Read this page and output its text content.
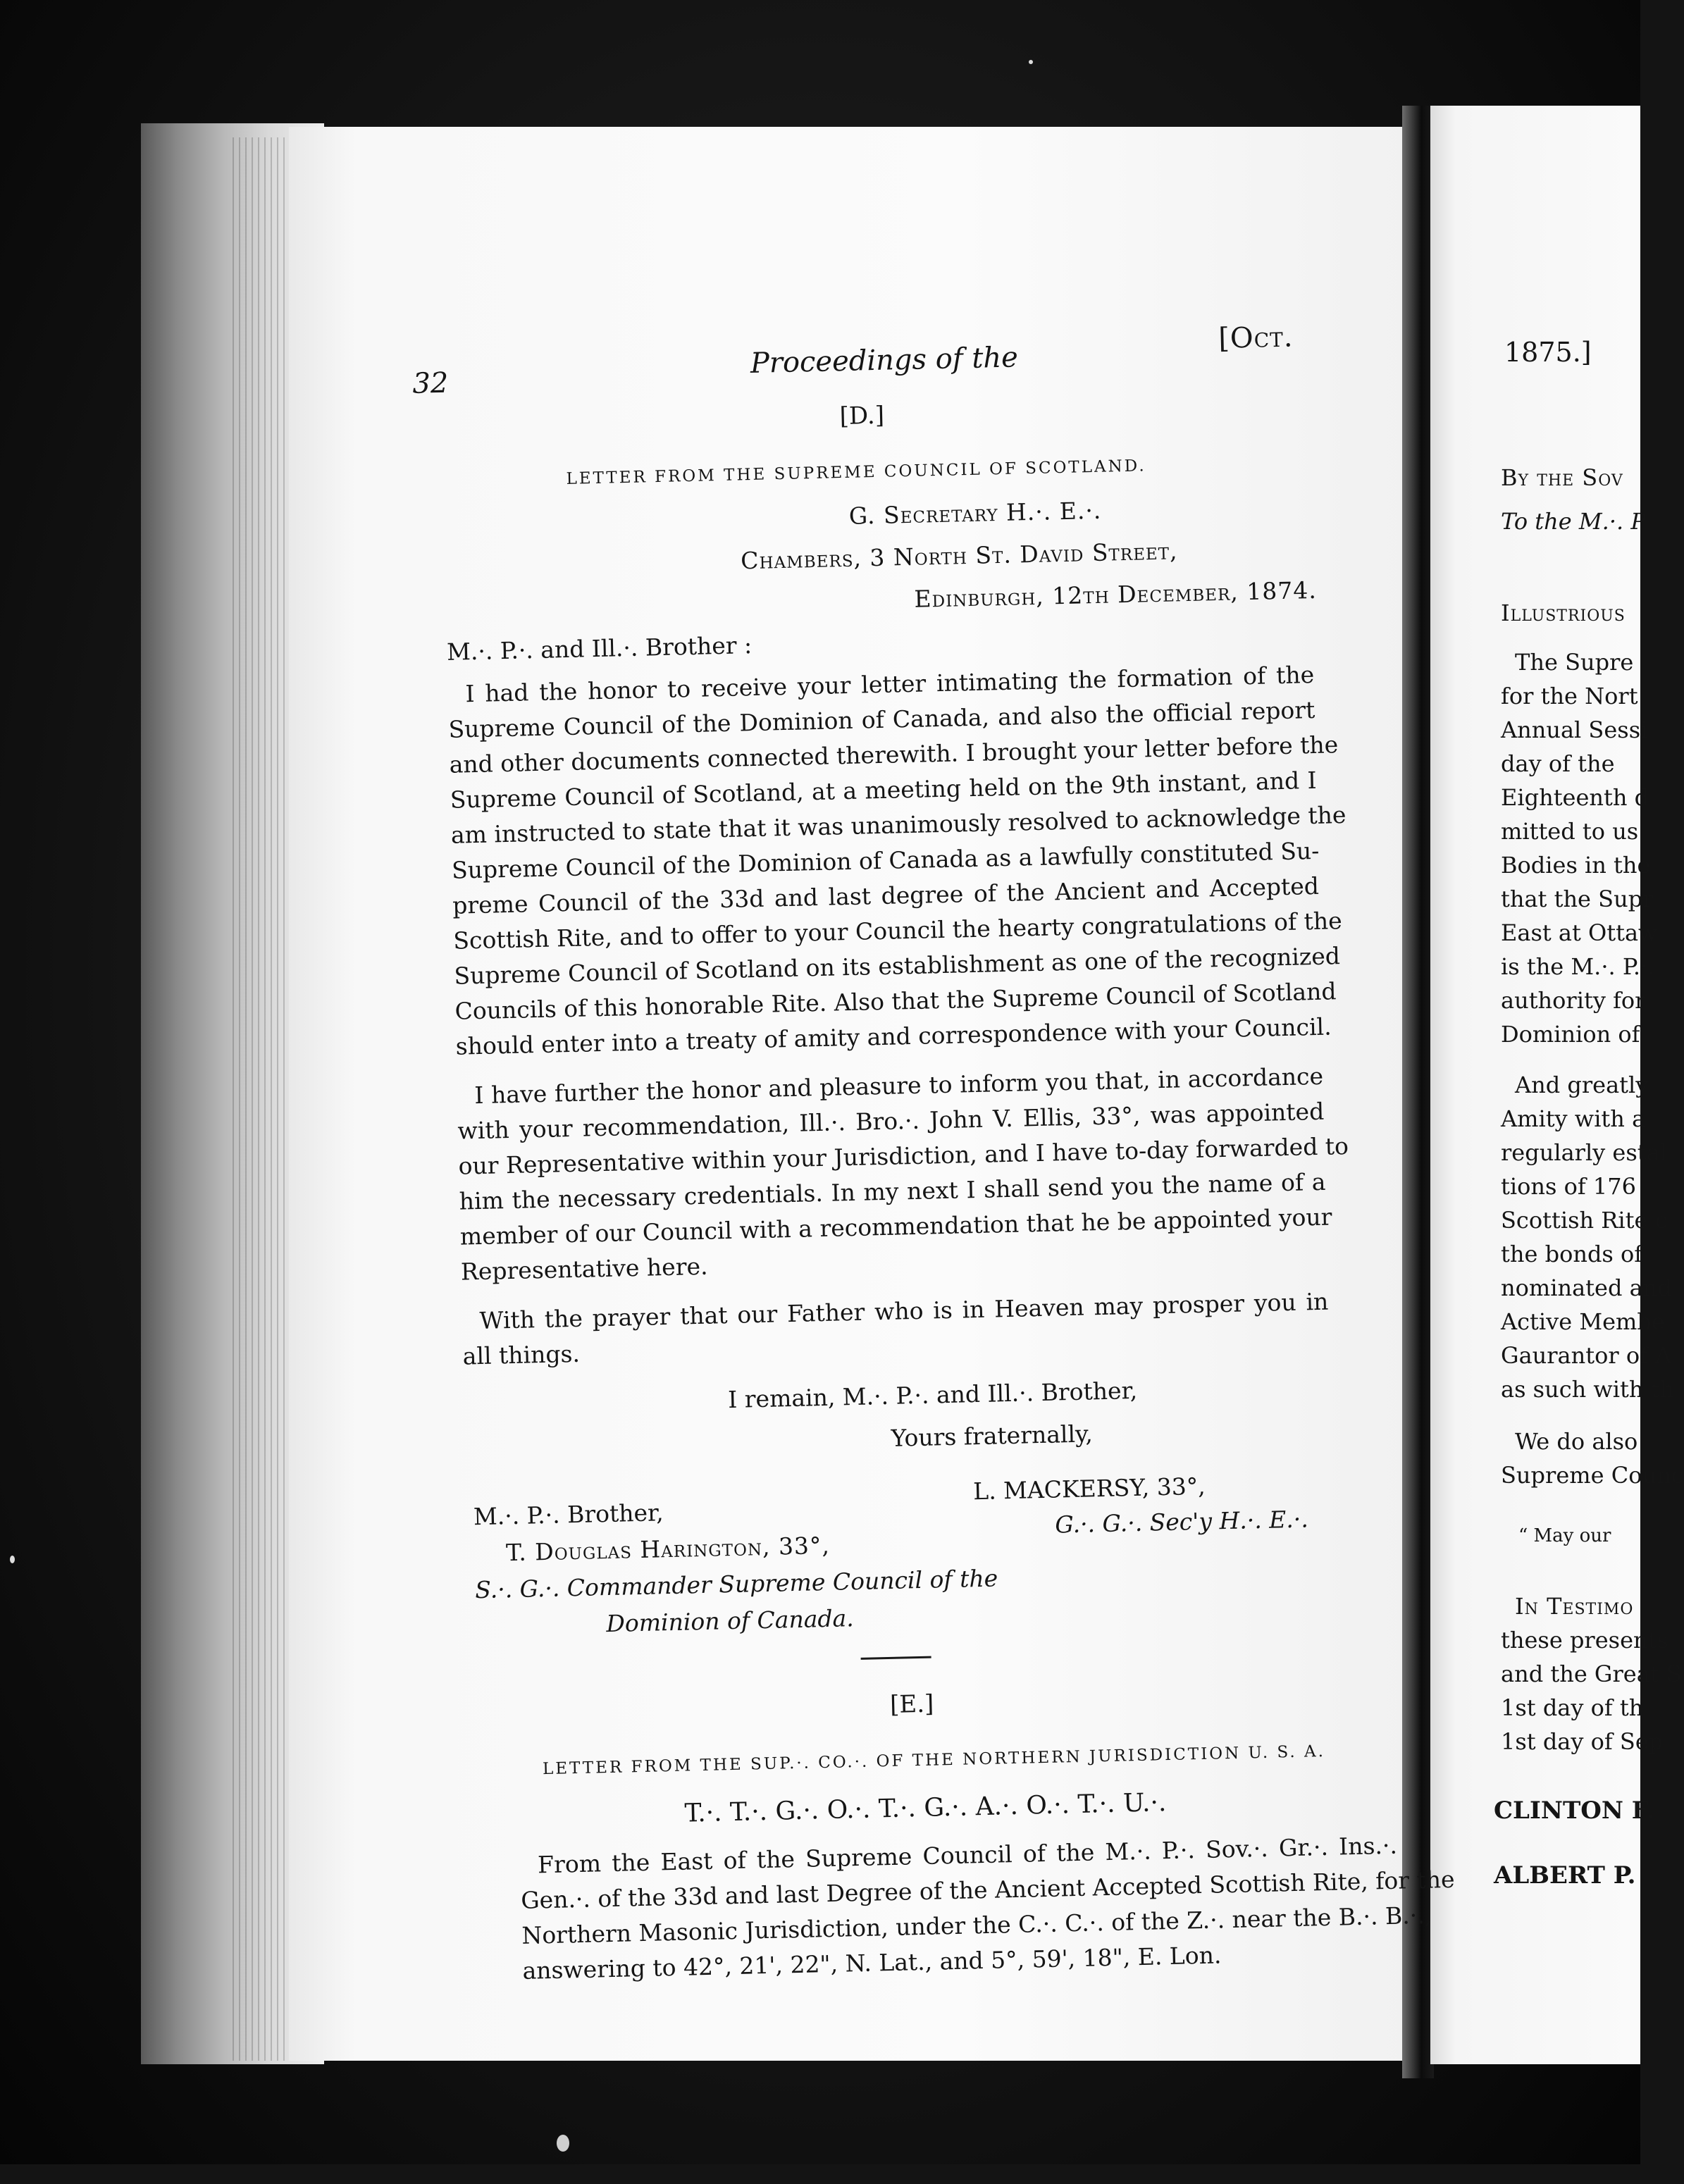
1875.]
By the Sov
To the M.·. P
Illustrious
The Supre
for the Nort
Annual Sessi
day of the
Eighteenth d
mitted to us
Bodies in the
that the Supr
East at Ottaw
is the M.·. P.·.
authority for
Dominion of
And greatly
Amity with a
regularly estal
tions of 176
Scottish Rite c
the bonds of
nominated and
Active Membe
Gaurantor of A
as such with th
We do also
Supreme Counc
“ May our
In Testimo
these presents
and the Great S
1st day of th
1st day of Sep
CLINTON F.
ALBERT P.
32
Proceedings of the
[Oct.
[D.]
LETTER FROM THE SUPREME COUNCIL OF SCOTLAND.
G. Secretary H.·. E.·.
Chambers, 3 North St. David Street,
Edinburgh, 12th December, 1874.
M.·. P.·. and Ill.·. Brother :
I had the honor to receive your letter intimating the formation of the
Supreme Council of the Dominion of Canada, and also the official report
and other documents connected therewith. I brought your letter before the
Supreme Council of Scotland, at a meeting held on the 9th instant, and I
am instructed to state that it was unanimously resolved to acknowledge the
Supreme Council of the Dominion of Canada as a lawfully constituted Su-
preme Council of the 33d and last degree of the Ancient and Accepted
Scottish Rite, and to offer to your Council the hearty congratulations of the
Supreme Council of Scotland on its establishment as one of the recognized
Councils of this honorable Rite. Also that the Supreme Council of Scotland
should enter into a treaty of amity and correspondence with your Council.
I have further the honor and pleasure to inform you that, in accordance
with your recommendation, Ill.·. Bro.·. John V. Ellis, 33°, was appointed
our Representative within your Jurisdiction, and I have to-day forwarded to
him the necessary credentials. In my next I shall send you the name of a
member of our Council with a recommendation that he be appointed your
Representative here.
With the prayer that our Father who is in Heaven may prosper you in
all things.
I remain, M.·. P.·. and Ill.·. Brother,
Yours fraternally,
L. MACKERSY, 33°,
G.·. G.·. Sec'y H.·. E.·.
M.·. P.·. Brother,
T. Douglas Harington, 33°,
S.·. G.·. Commander Supreme Council of the
Dominion of Canada.
[E.]
LETTER FROM THE SUP.·. CO.·. OF THE NORTHERN JURISDICTION U. S. A.
T.·. T.·. G.·. O.·. T.·. G.·. A.·. O.·. T.·. U.·.
From the East of the Supreme Council of the M.·. P.·. Sov.·. Gr.·. Ins.·.
Gen.·. of the 33d and last Degree of the Ancient Accepted Scottish Rite, for the
Northern Masonic Jurisdiction, under the C.·. C.·. of the Z.·. near the B.·. B.·.,
answering to 42°, 21', 22", N. Lat., and 5°, 59', 18", E. Lon.
